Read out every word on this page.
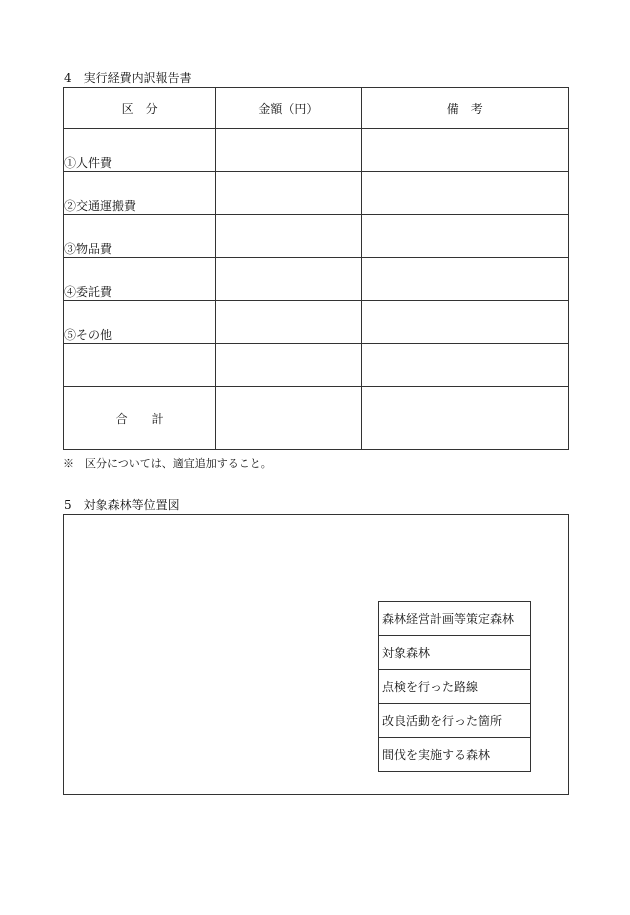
4　実行経費内訳報告書
区　分	金額（円）	備　考
①人件費		
②交通運搬費		
③物品費		
④委託費		
⑤その他		

合　　計		
※　区分については、適宜追加すること。
5　対象森林等位置図
森林経営計画等策定森林
対象森林
点検を行った路線
改良活動を行った箇所
間伐を実施する森林
